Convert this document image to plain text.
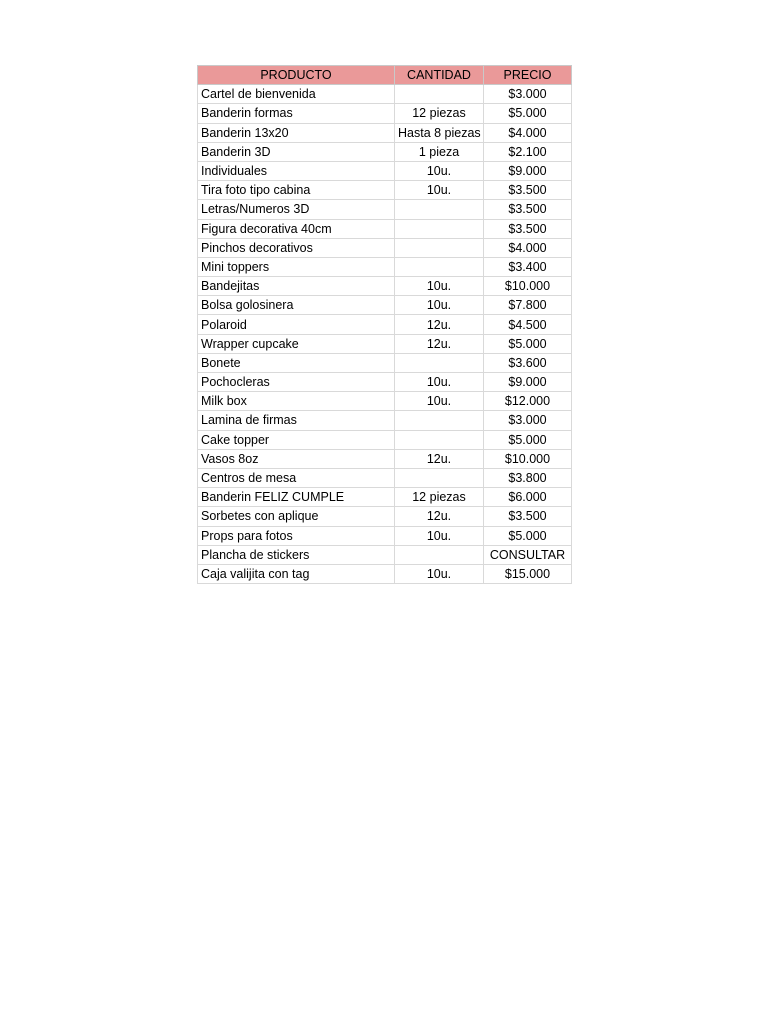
PRODUCTO	CANTIDAD	PRECIO
Cartel de bienvenida		$3.000
Banderin formas	12 piezas	$5.000
Banderin 13x20	Hasta 8 piezas	$4.000
Banderin 3D	1 pieza	$2.100
Individuales	10u.	$9.000
Tira foto tipo cabina	10u.	$3.500
Letras/Numeros 3D		$3.500
Figura decorativa 40cm		$3.500
Pinchos decorativos		$4.000
Mini toppers		$3.400
Bandejitas	10u.	$10.000
Bolsa golosinera	10u.	$7.800
Polaroid	12u.	$4.500
Wrapper cupcake	12u.	$5.000
Bonete		$3.600
Pochocleras	10u.	$9.000
Milk box	10u.	$12.000
Lamina de firmas		$3.000
Cake topper		$5.000
Vasos 8oz	12u.	$10.000
Centros de mesa		$3.800
Banderin FELIZ CUMPLE	12 piezas	$6.000
Sorbetes con aplique	12u.	$3.500
Props para fotos	10u.	$5.000
Plancha de stickers		CONSULTAR
Caja valijita con tag	10u.	$15.000
